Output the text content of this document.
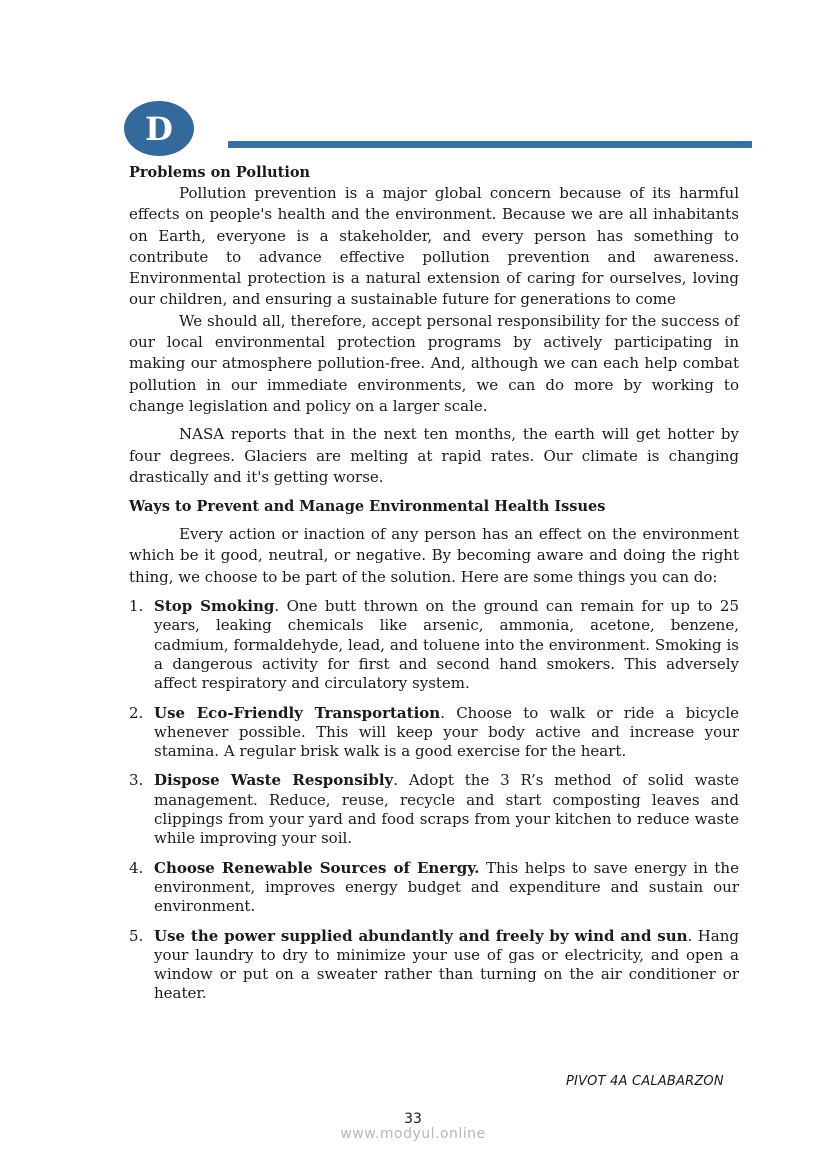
D
Problems on Pollution

Pollution prevention is a major global concern because of its harmful effects on people's health and the environment. Because we are all inhabitants on Earth, everyone is a stakeholder, and every person has something to contribute to advance effective pollution prevention and awareness. Environmental protection is a natural extension of caring for ourselves, loving our children, and ensuring a sustainable future for generations to come

We should all, therefore, accept personal responsibility for the success of our local environmental protection programs by actively participating in making our atmosphere pollution-free. And, although we can each help combat pollution in our immediate environments, we can do more by working to change legislation and policy on a larger scale.

NASA reports that in the next ten months, the earth will get hotter by four degrees. Glaciers are melting at rapid rates. Our climate is changing drastically and it's getting worse.

Ways to Prevent and Manage Environmental Health Issues

Every action or inaction of any person has an effect on the environment which be it good, neutral, or negative. By becoming aware and doing the right thing, we choose to be part of the solution. Here are some things you can do:

1. Stop Smoking. One butt thrown on the ground can remain for up to 25 years, leaking chemicals like arsenic, ammonia, acetone, benzene, cadmium, formaldehyde, lead, and toluene into the environment. Smoking is a dangerous activity for first and second hand smokers. This adversely affect respiratory and circulatory system.
2. Use Eco-Friendly Transportation. Choose to walk or ride a bicycle whenever possible. This will keep your body active and increase your stamina. A regular brisk walk is a good exercise for the heart.
3. Dispose Waste Responsibly. Adopt the 3 R’s method of solid waste management. Reduce, reuse, recycle and start composting leaves and clippings from your yard and food scraps from your kitchen to reduce waste while improving your soil.
4. Choose Renewable Sources of Energy. This helps to save energy in the environment, improves energy budget and expenditure and sustain our environment.
5. Use the power supplied abundantly and freely by wind and sun. Hang your laundry to dry to minimize your use of gas or electricity, and open a window or put on a sweater rather than turning on the air conditioner or heater.
PIVOT 4A CALABARZON
33
www.modyul.online
